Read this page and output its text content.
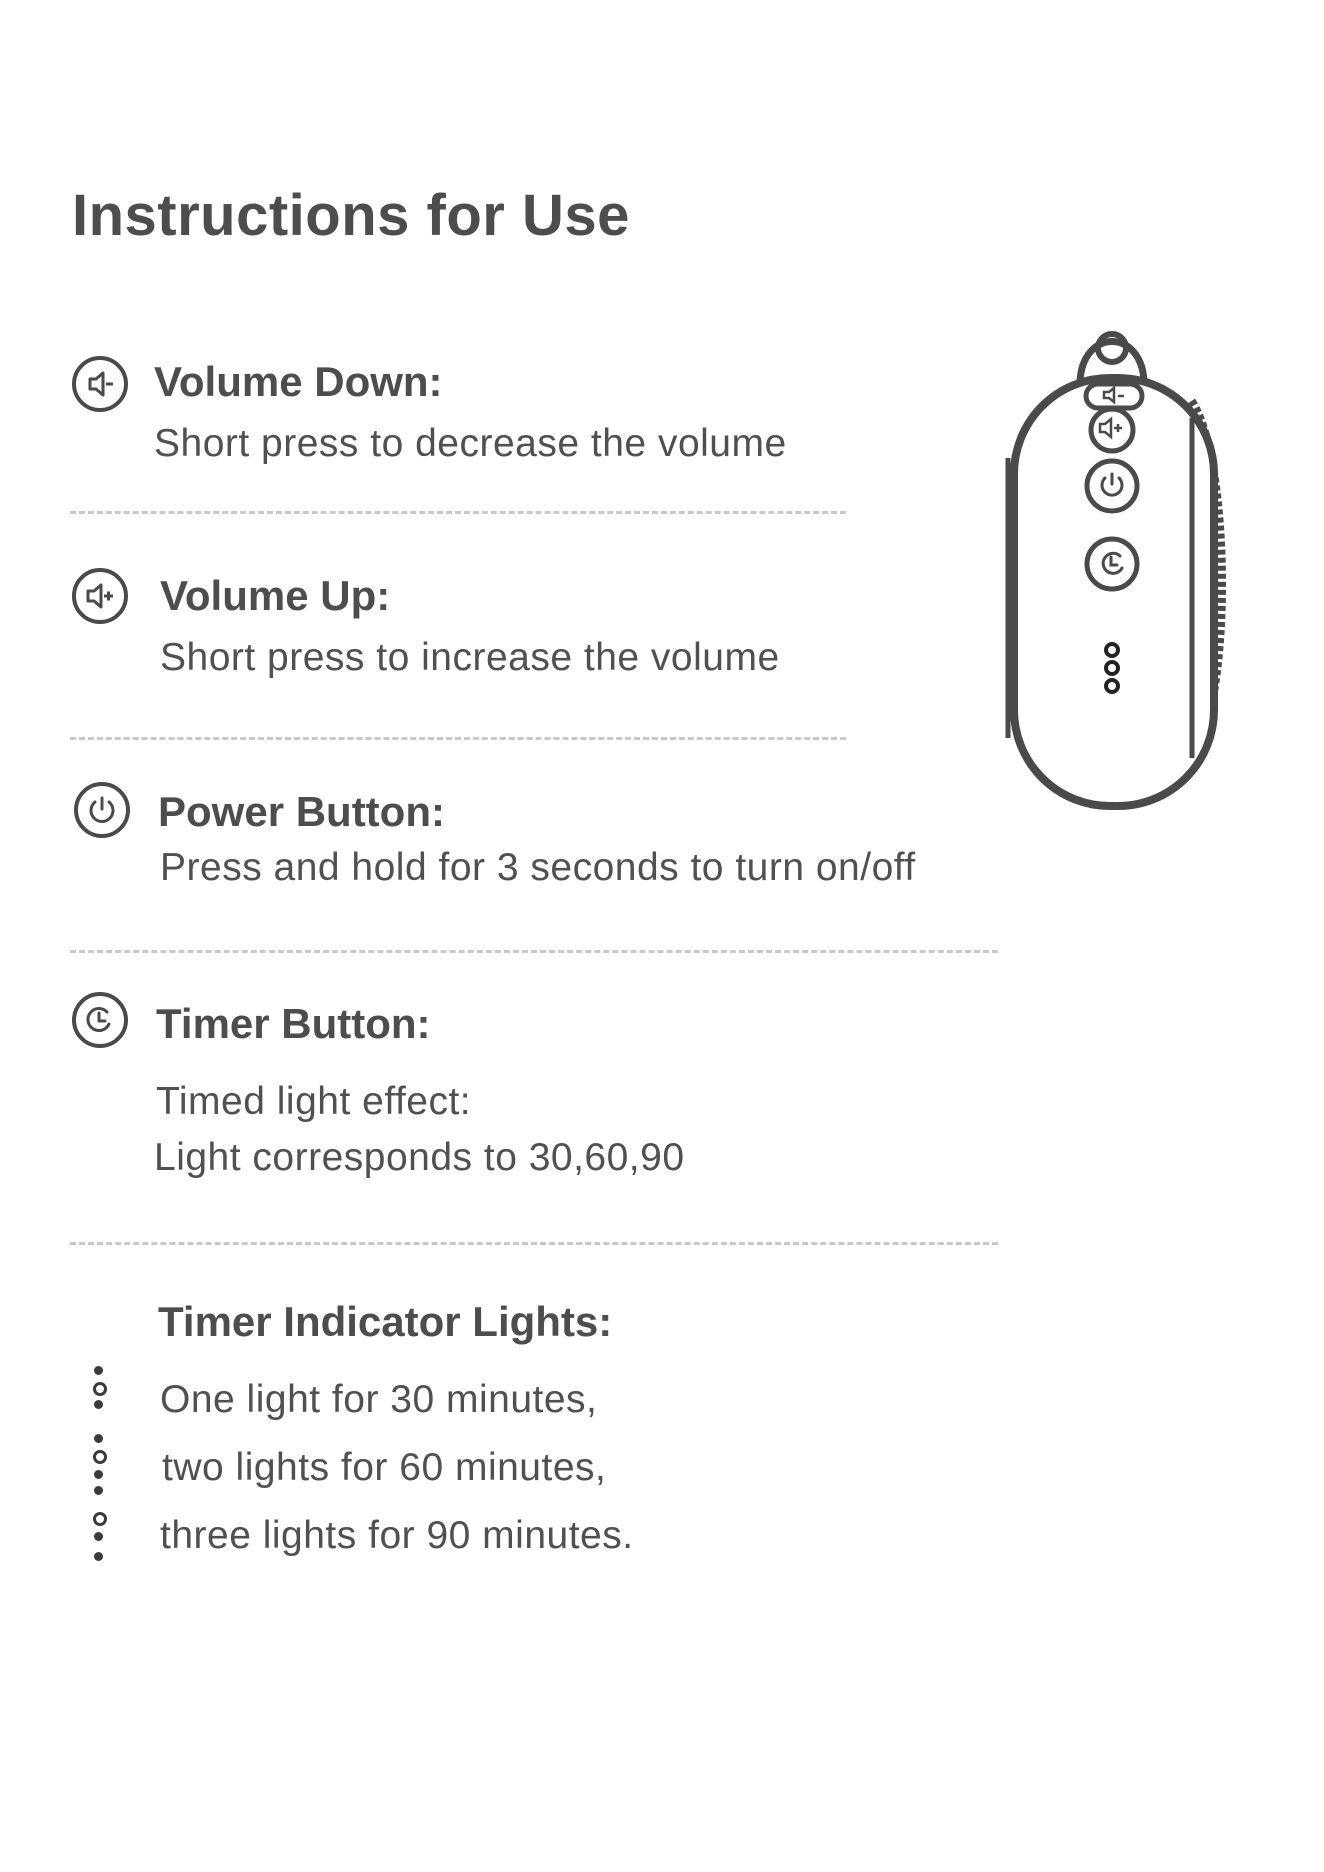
Instructions for Use
Volume Down:
Short press to decrease the volume
Volume Up:
Short press to increase the volume
Power Button:
Press and hold for 3 seconds to turn on/off
Timer Button:
Timed light effect:
Light corresponds to 30,60,90
Timer Indicator Lights:
One light for 30 minutes,
two lights for 60 minutes,
three lights for 90 minutes.
